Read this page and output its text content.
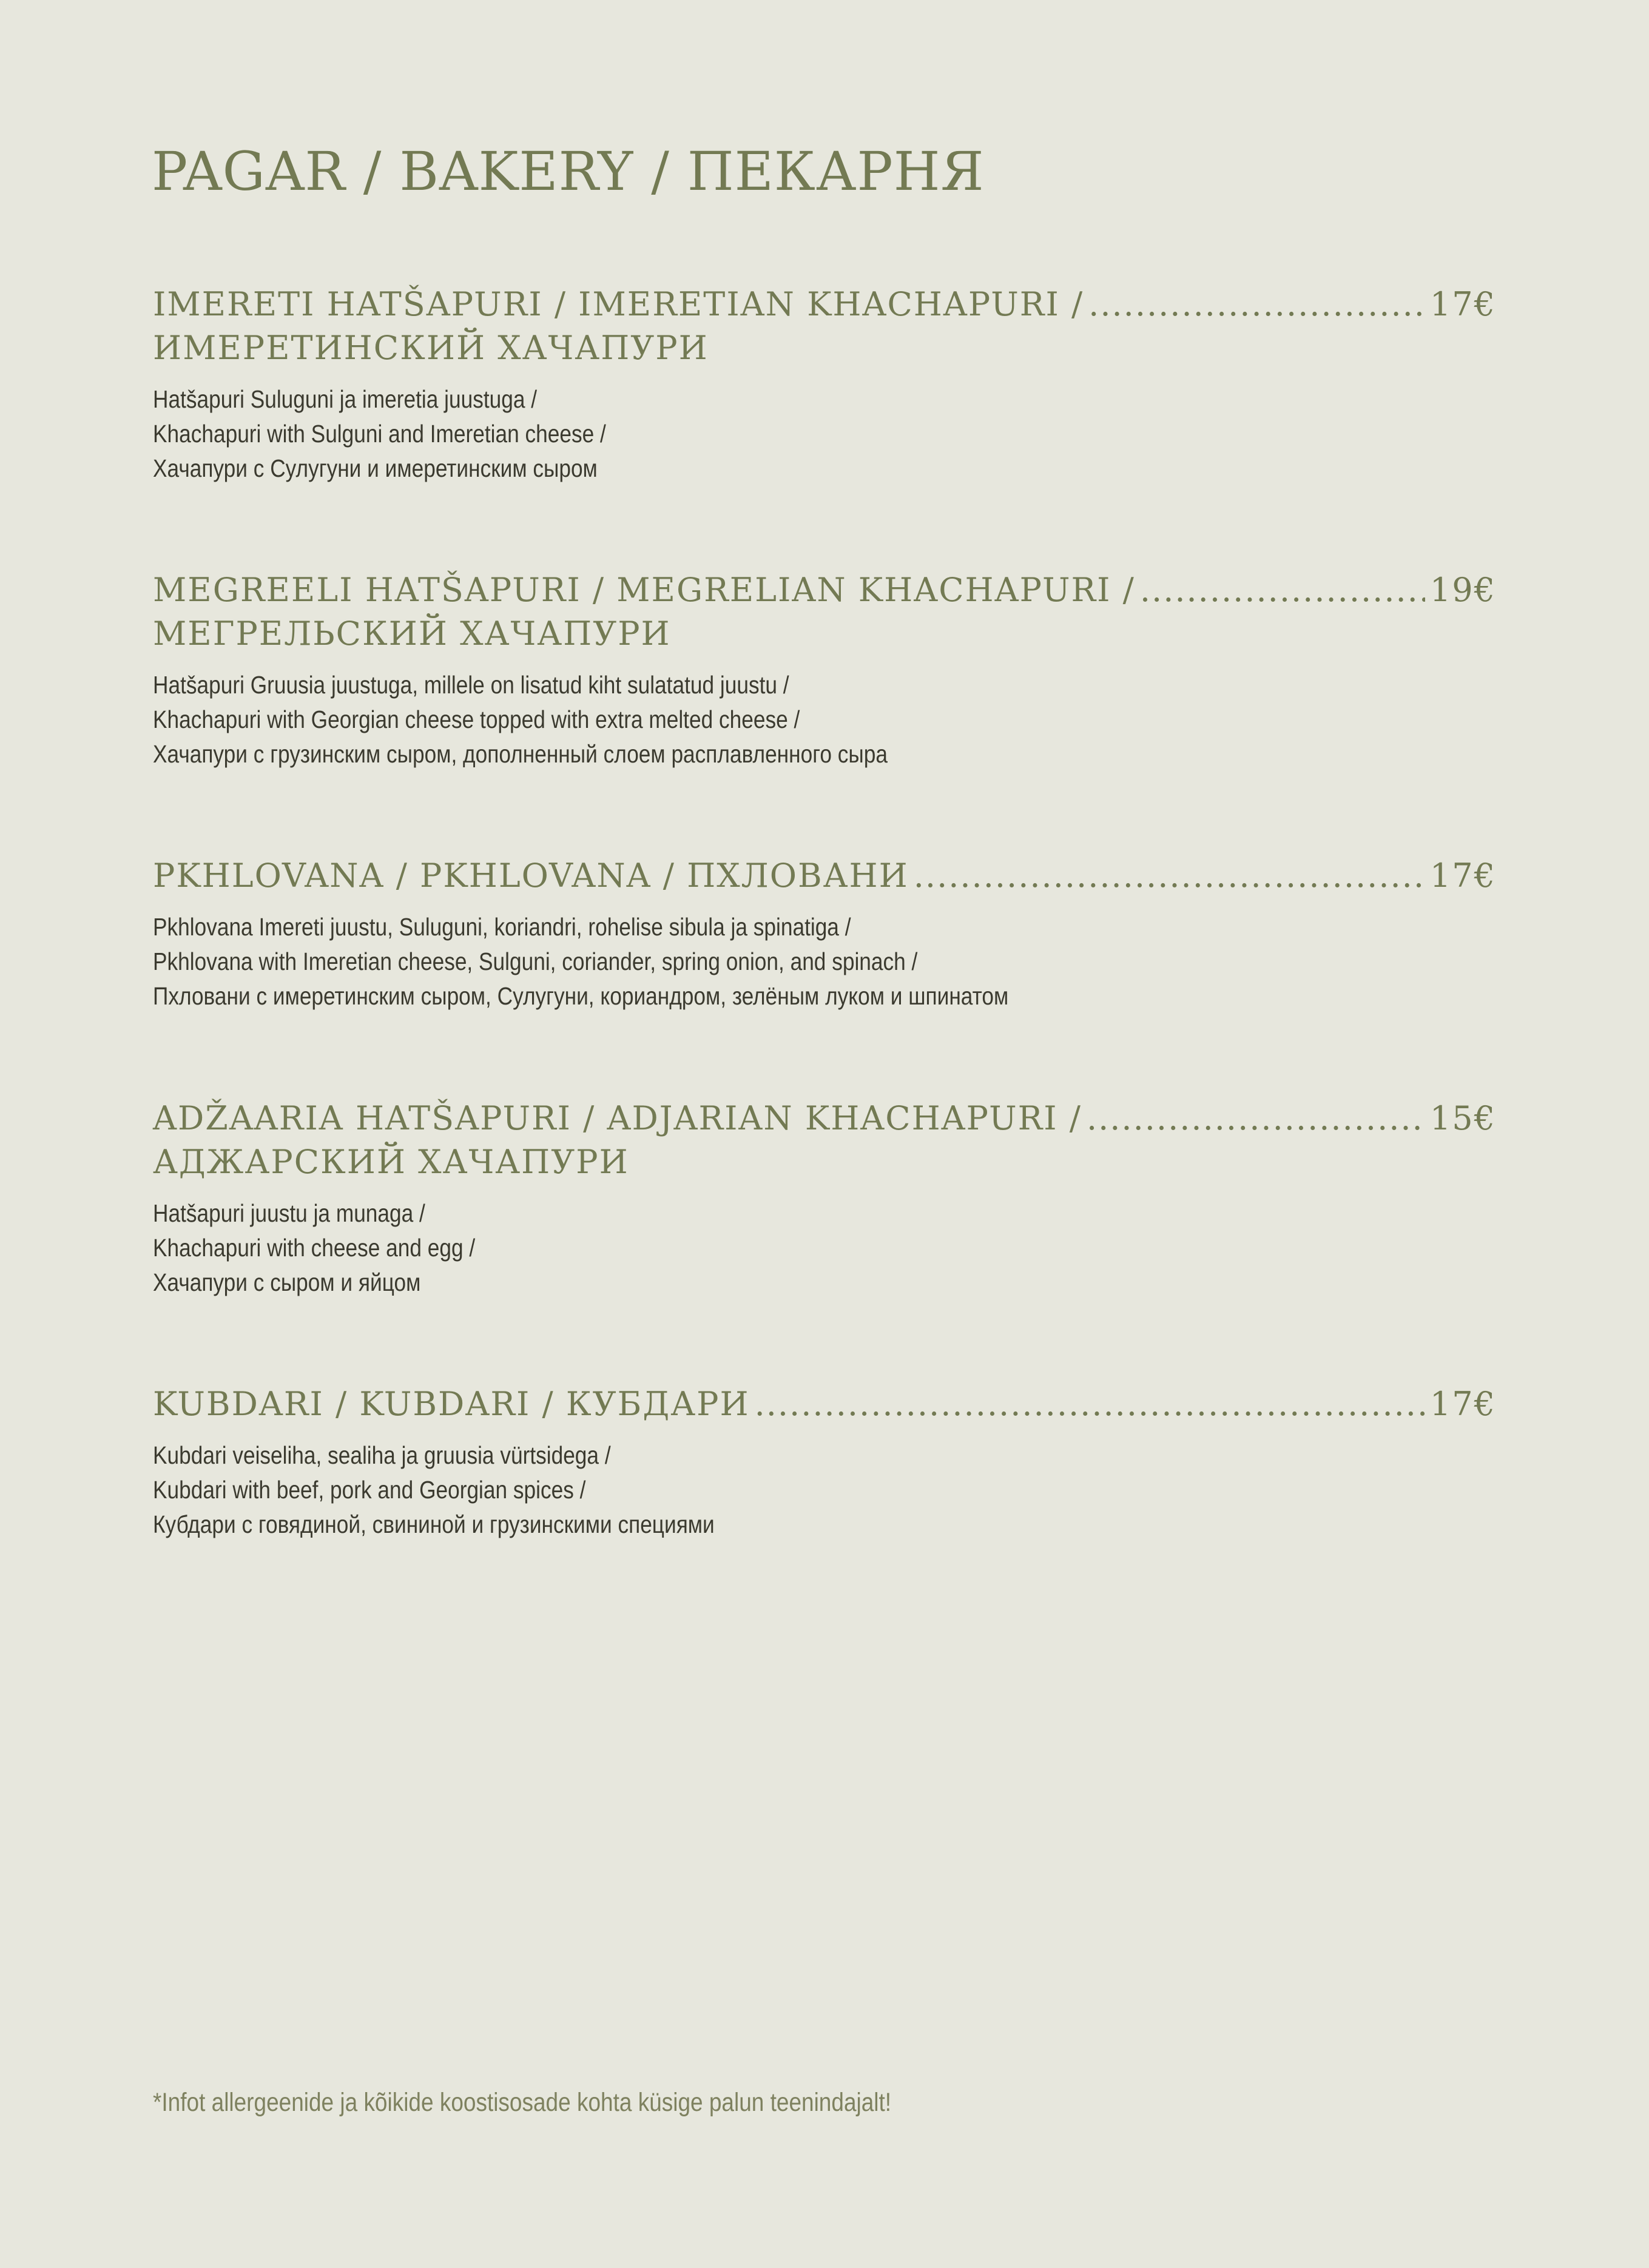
PAGAR / BAKERY / ПЕКАРНЯ
IMERETI HATŠAPURI / IMERETIAN KHACHAPURI / .....	17€
ИМЕРЕТИНСКИЙ ХАЧАПУРИ
Hatšapuri Suluguni ja imeretia juustuga /
Khachapuri with Sulguni and Imeretian cheese /
Хачапури с Сулугуни и имеретинским сыром
MEGREELI HATŠAPURI / MEGRELIAN KHACHAPURI / .....	19€
МЕГРЕЛЬСКИЙ ХАЧАПУРИ
Hatšapuri Gruusia juustuga, millele on lisatud kiht sulatatud juustu /
Khachapuri with Georgian cheese topped with extra melted cheese /
Хачапури с грузинским сыром, дополненный слоем расплавленного сыра
PKHLOVANA / PKHLOVANA / ПХЛОВАНИ .....	17€
Pkhlovana Imereti juustu, Suluguni, koriandri, rohelise sibula ja spinatiga /
Pkhlovana with Imeretian cheese, Sulguni, coriander, spring onion, and spinach /
Пхловани с имеретинским сыром, Сулугуни, кориандром, зелёным луком и шпинатом
ADŽAARIA HATŠAPURI / ADJARIAN KHACHAPURI / .....	15€
АДЖАРСКИЙ ХАЧАПУРИ
Hatšapuri juustu ja munaga /
Khachapuri with cheese and egg /
Хачапури с сыром и яйцом
KUBDARI / KUBDARI / КУБДАРИ .....	17€
Kubdari veiseliha, sealiha ja gruusia vürtsidega /
Kubdari with beef, pork and Georgian spices /
Кубдари с говядиной, свининой и грузинскими специями
*Infot allergeenide ja kõikide koostisosade kohta küsige palun teenindajalt!
